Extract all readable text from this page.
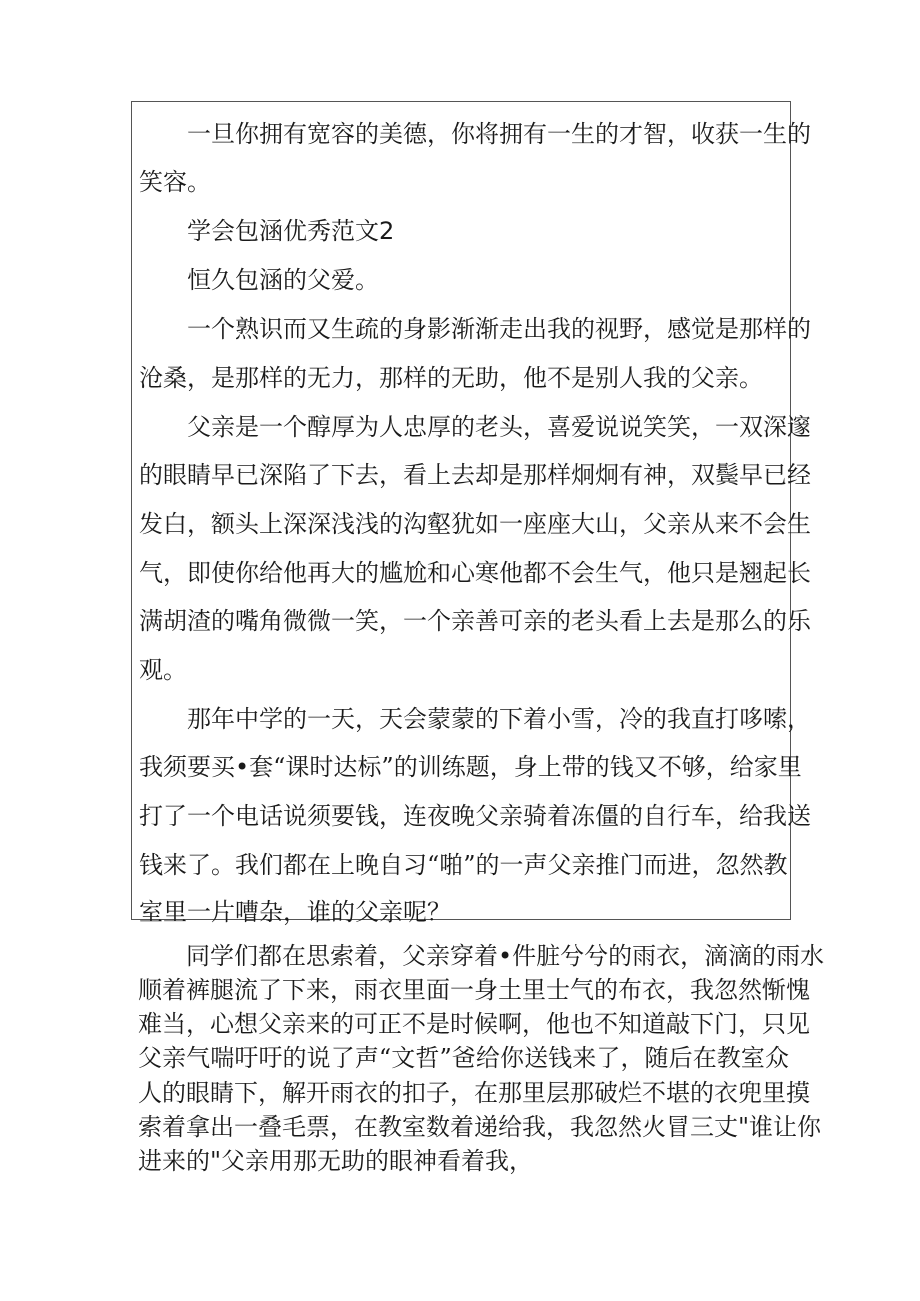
一旦你拥有宽容的美德，你将拥有一生的才智，收获一生的
笑容。
学会包涵优秀范文2
恒久包涵的父爱。
一个熟识而又生疏的身影渐渐走出我的视野，感觉是那样的
沧桑，是那样的无力，那样的无助，他不是别人我的父亲。
父亲是一个醇厚为人忠厚的老头，喜爱说说笑笑，一双深邃
的眼睛早已深陷了下去，看上去却是那样炯炯有神，双鬓早已经
发白，额头上深深浅浅的沟壑犹如一座座大山，父亲从来不会生
气，即使你给他再大的尴尬和心寒他都不会生气，他只是翘起长
满胡渣的嘴角微微一笑，一个亲善可亲的老头看上去是那么的乐
观。
那年中学的一天，天会蒙蒙的下着小雪，冷的我直打哆嗦，
我须要买•套“课时达标”的训练题，身上带的钱又不够，给家里
打了一个电话说须要钱，连夜晚父亲骑着冻僵的自行车，给我送
钱来了。我们都在上晚自习“啪”的一声父亲推门而进，忽然教
室里一片嘈杂，谁的父亲呢？
同学们都在思索着，父亲穿着•件脏兮兮的雨衣，滴滴的雨水
顺着裤腿流了下来，雨衣里面一身土里士气的布衣，我忽然惭愧
难当，心想父亲来的可正不是时候啊，他也不知道敲下门，只见
父亲气喘吁吁的说了声“文哲”爸给你送钱来了，随后在教室众
人的眼睛下，解开雨衣的扣子，在那里层那破烂不堪的衣兜里摸
索着拿出一叠毛票，在教室数着递给我，我忽然火冒三丈"谁让你
进来的"父亲用那无助的眼神看着我，
